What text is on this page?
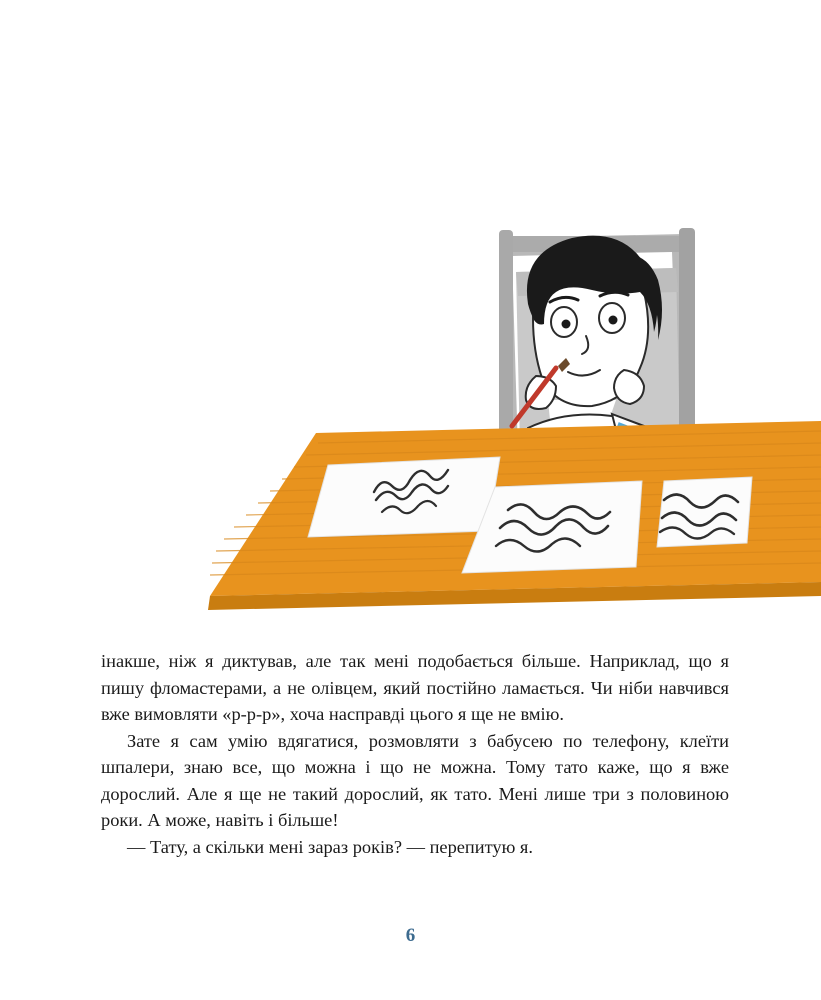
інакше, ніж я диктував, але так мені подобається більше. Наприклад, що я пишу фломастерами, а не олівцем, який постійно ламається. Чи ніби навчився вже вимовляти «р-р-р», хоча насправді цього я ще не вмію.

Зате я сам умію вдягатися, розмовляти з бабусею по телефону, клеїти шпалери, знаю все, що можна і що не можна. Тому тато каже, що я вже дорослий. Але я ще не такий дорослий, як тато. Мені лише три з половиною роки. А може, навіть і більше!

— Тату, а скільки мені зараз років? — перепитую я.

6
